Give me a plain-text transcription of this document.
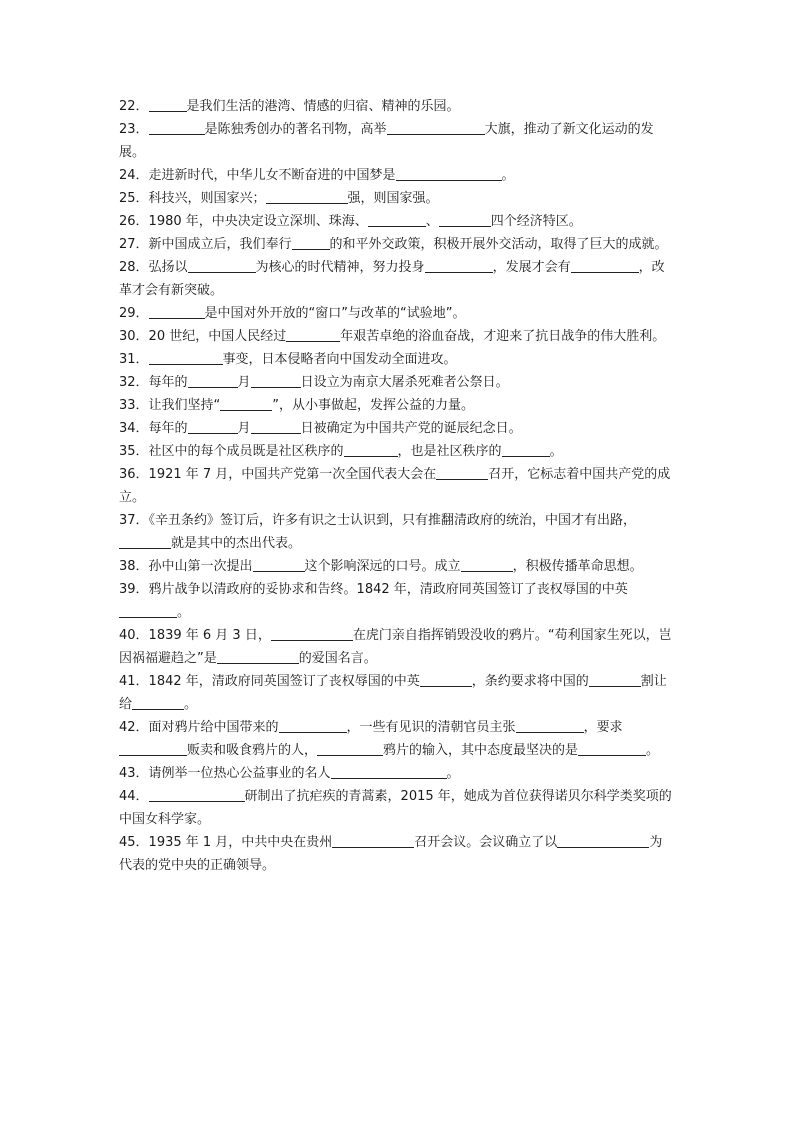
22．	是我们生活的港湾、情感的归宿、精神的乐园。

23．	是陈独秀创办的著名刊物，高举	大旗，推动了新文化运动的发展。

24．走进新时代，中华儿女不断奋进的中国梦是	。

25．科技兴，则国家兴；	强，则国家强。

26．1980 年，中央决定设立深圳、珠海、	、	四个经济特区。

27．新中国成立后，我们奉行	的和平外交政策，积极开展外交活动，取得了巨大的成就。

28．弘扬以	为核心的时代精神，努力投身	，发展才会有	，改革才会有新突破。

29．	是中国对外开放的“窗口”与改革的“试验地”。

30．20 世纪，中国人民经过	年艰苦卓绝的浴血奋战，才迎来了抗日战争的伟大胜利。

31．	事变，日本侵略者向中国发动全面进攻。

32．每年的	月	日设立为南京大屠杀死难者公祭日。

33．让我们坚持“	”，从小事做起，发挥公益的力量。

34．每年的	月	日被确定为中国共产党的诞辰纪念日。

35．社区中的每个成员既是社区秩序的	，也是社区秩序的	。

36．1921 年 7 月，中国共产党第一次全国代表大会在	召开，它标志着中国共产党的成立。

37．《辛丑条约》签订后，许多有识之士认识到，只有推翻清政府的统治，中国才有出路，就是其中的杰出代表。

38．孙中山第一次提出	这个影响深远的口号。成立	，积极传播革命思想。

39．鸦片战争以清政府的妥协求和告终。1842 年，清政府同英国签订了丧权辱国的中英。

40．1839 年 6 月 3 日，	在虎门亲自指挥销毁没收的鸦片。“苟利国家生死以，岂因祸福避趋之”是	的爱国名言。

41．1842 年，清政府同英国签订了丧权辱国的中英	，条约要求将中国的	割让给	。

42．面对鸦片给中国带来的	，一些有见识的清朝官员主张	，要求贩卖和吸食鸦片的人，	鸦片的输入，其中态度最坚决的是	。

43．请例举一位热心公益事业的名人	。

44．	研制出了抗疟疾的青蒿素，2015 年，她成为首位获得诺贝尔科学类奖项的中国女科学家。

45．1935 年 1 月，中共中央在贵州	召开会议。会议确立了以	为代表的党中央的正确领导。
